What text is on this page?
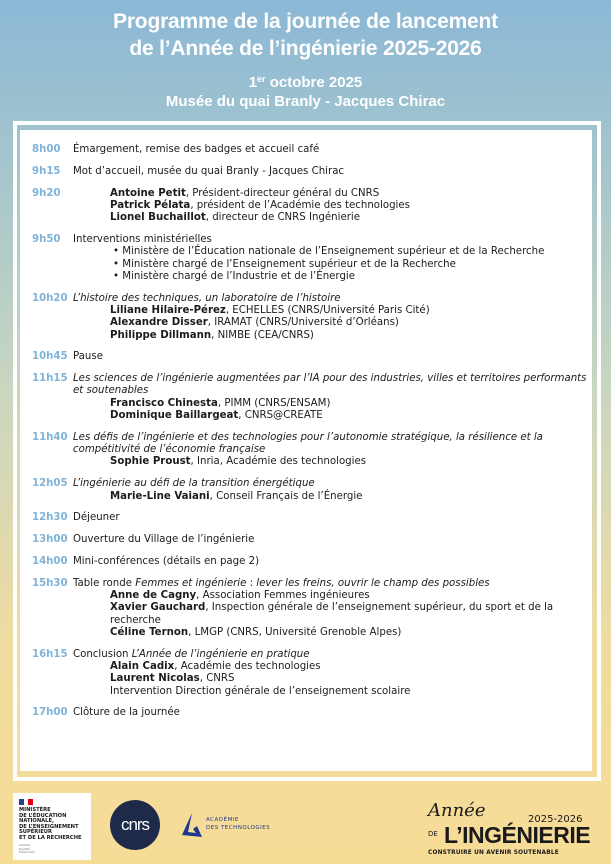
Programme de la journée de lancement
de l’Année de l’ingénierie 2025-2026
1er octobre 2025
Musée du quai Branly - Jacques Chirac
8h00 Émargement, remise des badges et accueil café
9h15 Mot d’accueil, musée du quai Branly - Jacques Chirac
9h20	Antoine Petit, Président-directeur général du CNRS
Patrick Pélata, président de l’Académie des technologies
Lionel Buchaillot, directeur de CNRS Ingénierie
9h50 Interventions ministérielles
• Ministère de l’Éducation nationale de l’Enseignement supérieur et de la Recherche
• Ministère chargé de l’Enseignement supérieur et de la Recherche
• Ministère chargé de l’Industrie et de l’Énergie
10h20 L’histoire des techniques, un laboratoire de l’histoire
Liliane Hilaire-Pérez, ECHELLES (CNRS/Université Paris Cité)
Alexandre Disser, IRAMAT (CNRS/Université d’Orléans)
Philippe Dillmann, NIMBE (CEA/CNRS)
10h45 Pause
11h15 Les sciences de l’ingénierie augmentées par l’IA pour des industries, villes et territoires performants et soutenables
Francisco Chinesta, PIMM (CNRS/ENSAM)
Dominique Baillargeat, CNRS@CREATE
11h40 Les défis de l’ingénierie et des technologies pour l’autonomie stratégique, la résilience et la compétitivité de l’économie française
Sophie Proust, Inria, Académie des technologies
12h05 L’ingénierie au défi de la transition énergétique
Marie-Line Vaiani, Conseil Français de l’Énergie
12h30 Déjeuner
13h00 Ouverture du Village de l’ingénierie
14h00 Mini-conférences (détails en page 2)
15h30 Table ronde Femmes et ingénierie : lever les freins, ouvrir le champ des possibles
Anne de Cagny, Association Femmes ingénieures
Xavier Gauchard, Inspection générale de l’enseignement supérieur, du sport et de la recherche
Céline Ternon, LMGP (CNRS, Université Grenoble Alpes)
16h15 Conclusion L’Année de l’ingénierie en pratique
Alain Cadix, Académie des technologies
Laurent Nicolas, CNRS
Intervention Direction générale de l’enseignement scolaire
17h00 Clôture de la journée
MINISTÈRE
DE L’ÉDUCATION
NATIONALE,
DE L’ENSEIGNEMENT
SUPÉRIEUR
ET DE LA RECHERCHE
Liberté
Égalité
Fraternité
cnrs	ACADÉMIE
DES TECHNOLOGIES
Année	2025-2026
DE L’INGÉNIERIE
CONSTRUIRE UN AVENIR SOUTENABLE
